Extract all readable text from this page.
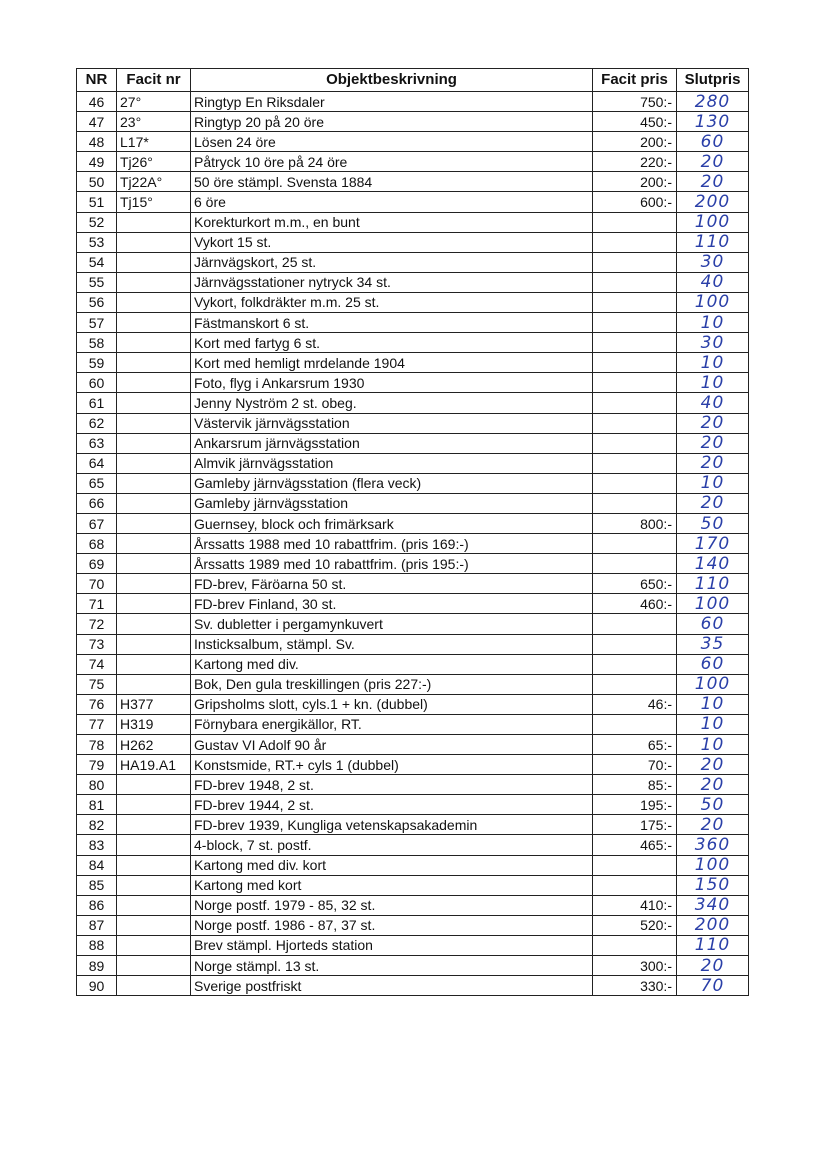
NR	Facit nr	Objektbeskrivning	Facit pris	Slutpris
46	27°	Ringtyp En Riksdaler	750:-	280
47	23°	Ringtyp 20 på 20 öre	450:-	130
48	L17*	Lösen 24 öre	200:-	60
49	Tj26°	Påtryck 10 öre på 24 öre	220:-	20
50	Tj22A°	50 öre stämpl. Svensta 1884	200:-	20
51	Tj15°	6 öre	600:-	200
52		Korekturkort m.m., en bunt		100
53		Vykort 15 st.		110
54		Järnvägskort, 25 st.		30
55		Järnvägsstationer nytryck 34 st.		40
56		Vykort, folkdräkter m.m. 25 st.		100
57		Fästmanskort 6 st.		10
58		Kort med fartyg 6 st.		30
59		Kort med hemligt mrdelande 1904		10
60		Foto, flyg i Ankarsrum 1930		10
61		Jenny Nyström 2 st. obeg.		40
62		Västervik järnvägsstation		20
63		Ankarsrum järnvägsstation		20
64		Almvik järnvägsstation		20
65		Gamleby järnvägsstation (flera veck)		10
66		Gamleby järnvägsstation		20
67		Guernsey, block och frimärksark	800:-	50
68		Årssatts 1988 med 10 rabattfrim. (pris 169:-)		170
69		Årssatts 1989 med 10 rabattfrim. (pris 195:-)		140
70		FD-brev, Färöarna 50 st.	650:-	110
71		FD-brev Finland, 30 st.	460:-	100
72		Sv. dubletter i pergamynkuvert		60
73		Insticksalbum, stämpl. Sv.		35
74		Kartong med div.		60
75		Bok, Den gula treskillingen (pris 227:-)		100
76	H377	Gripsholms slott, cyls.1 + kn. (dubbel)	46:-	10
77	H319	Förnybara energikällor, RT.		10
78	H262	Gustav VI Adolf 90 år	65:-	10
79	HA19.A1	Konstsmide, RT.+ cyls 1 (dubbel)	70:-	20
80		FD-brev 1948, 2 st.	85:-	20
81		FD-brev 1944, 2 st.	195:-	50
82		FD-brev 1939, Kungliga vetenskapsakademin	175:-	20
83		4-block, 7 st. postf.	465:-	360
84		Kartong med div. kort		100
85		Kartong med kort		150
86		Norge postf. 1979 - 85, 32 st.	410:-	340
87		Norge postf. 1986 - 87, 37 st.	520:-	200
88		Brev stämpl. Hjorteds station		110
89		Norge stämpl. 13 st.	300:-	20
90		Sverige postfriskt	330:-	70
